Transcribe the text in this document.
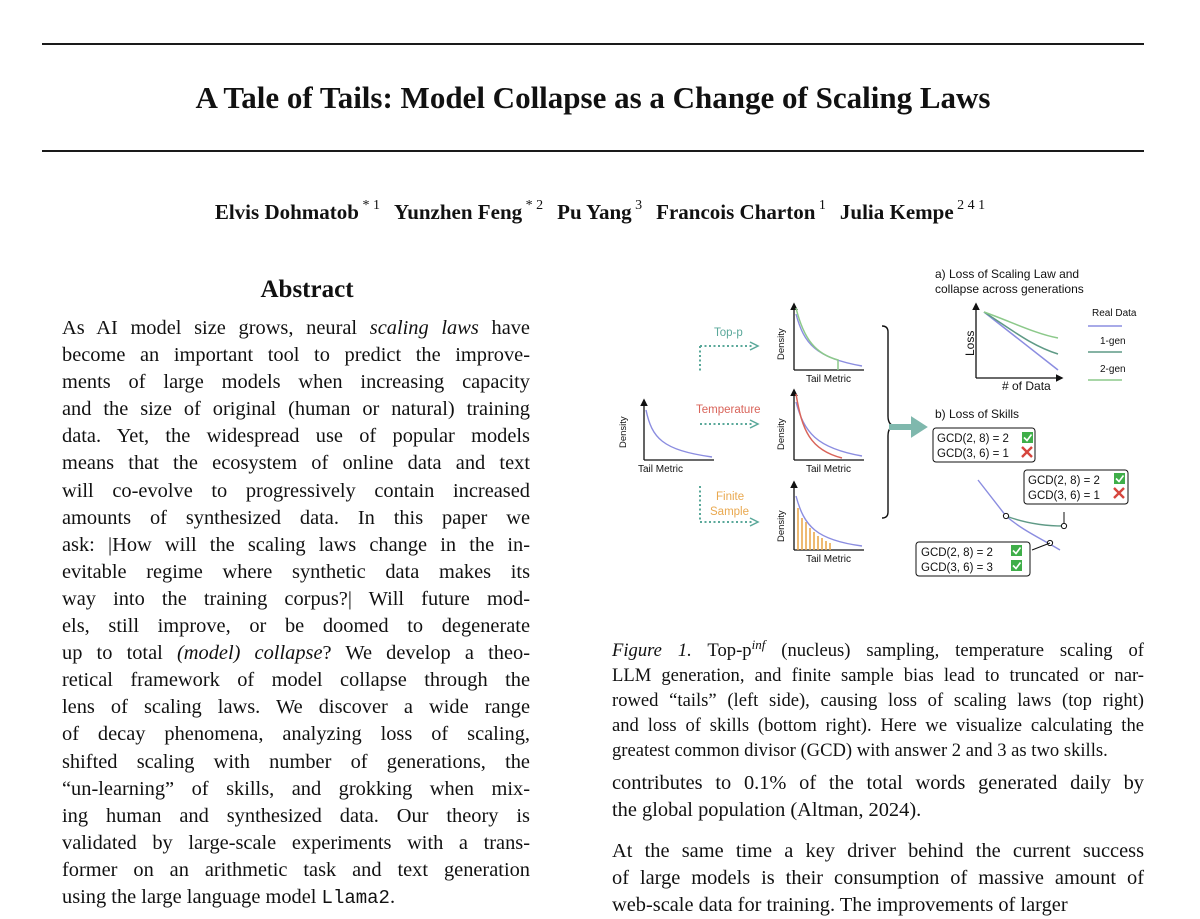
A Tale of Tails: Model Collapse as a Change of Scaling Laws
Elvis Dohmatob $^{* 1}$ Yunzhen Feng $^{* 2}$ Pu Yang $^3$ Francois Charton $^1$ Julia Kempe $^{2 4 1}$
Abstract

As AI model size grows, neural scaling laws have
become an important tool to predict the improve-
ments of large models when increasing capacity
and the size of original (human or natural) training
data. Yet, the widespread use of popular models
means that the ecosystem of online data and text
will co-evolve to progressively contain increased
amounts of synthesized data. In this paper we
ask: |How will the scaling laws change in the in-
evitable regime where synthetic data makes its
way into the training corpus?| Will future mod-
els, still improve, or be doomed to degenerate
up to total (model) collapse? We develop a theo-
retical framework of model collapse through the
lens of scaling laws. We discover a wide range
of decay phenomena, analyzing loss of scaling,
shifted scaling with number of generations, the
“un-learning” of skills, and grokking when mix-
ing human and synthesized data. Our theory is
validated by large-scale experiments with a trans-
former on an arithmetic task and text generation
using the large language model Llama2.

Density
Tail Metric
Top-p
Temperature
Finite
Sample
Density
Tail Metric
Density
Tail Metric
Density
Tail Metric
a) Loss of Scaling Law and
collapse across generations
Loss
# of Data
Real Data
1-gen
2-gen
b) Loss of Skills
GCD(2, 8) = 2
GCD(3, 6) = 1
GCD(2, 8) = 2
GCD(3, 6) = 1
GCD(2, 8) = 2
GCD(3, 6) = 3

Figure 1. Top-$p^{inf}$ (nucleus) sampling, temperature scaling of
LLM generation, and finite sample bias lead to truncated or nar-
rowed “tails” (left side), causing loss of scaling laws (top right)
and loss of skills (bottom right). Here we visualize calculating the
greatest common divisor (GCD) with answer 2 and 3 as two skills.

contributes to 0.1% of the total words generated daily by
the global population (Altman, 2024).

At the same time a key driver behind the current success
of large models is their consumption of massive amount of
web-scale data for training. The improvements of larger
